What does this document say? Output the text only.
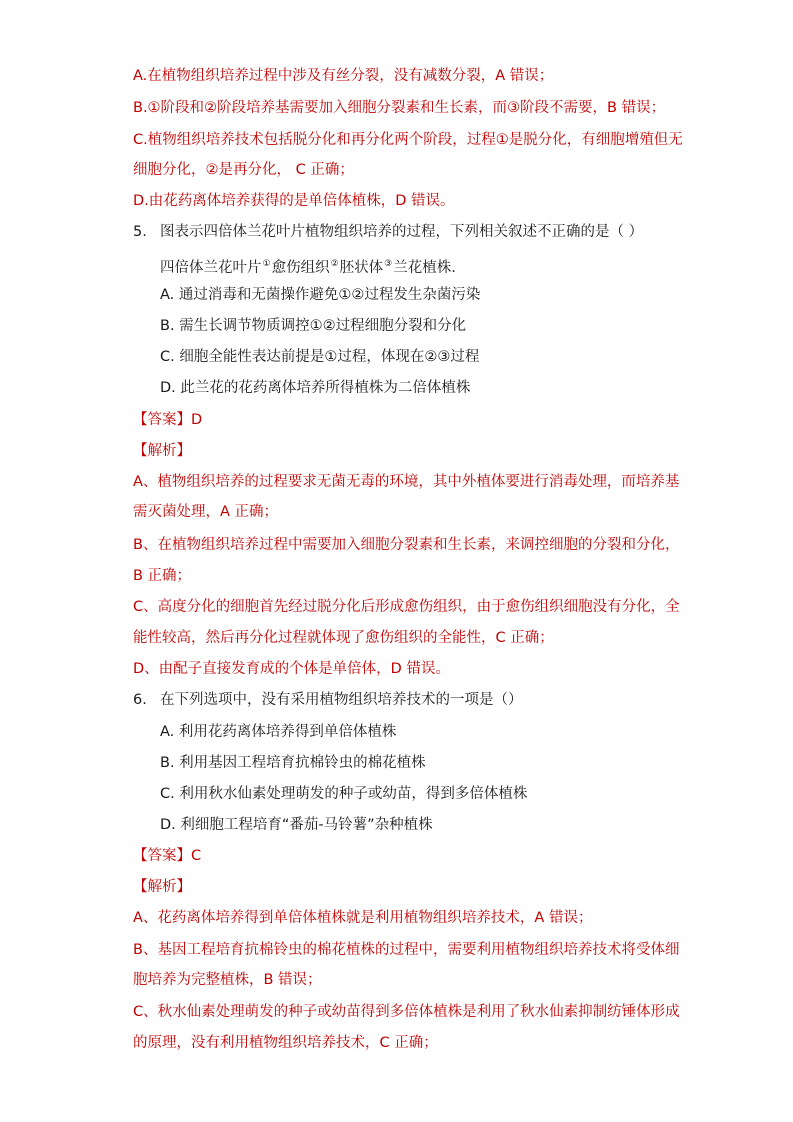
A.在植物组织培养过程中涉及有丝分裂，没有减数分裂，A 错误；
B.①阶段和②阶段培养基需要加入细胞分裂素和生长素，而③阶段不需要，B 错误；
C.植物组织培养技术包括脱分化和再分化两个阶段，过程①是脱分化，有细胞增殖但无
细胞分化，②是再分化， C 正确；
D.由花药离体培养获得的是单倍体植株，D 错误。
5. 图表示四倍体兰花叶片植物组织培养的过程，下列相关叙述不正确的是（ ）
四倍体兰花叶片①愈伤组织②胚状体③兰花植株.
A. 通过消毒和无菌操作避免①②过程发生杂菌污染
B. 需生长调节物质调控①②过程细胞分裂和分化
C. 细胞全能性表达前提是①过程，体现在②③过程
D. 此兰花的花药离体培养所得植株为二倍体植株
【答案】D
【解析】
A、植物组织培养的过程要求无菌无毒的环境，其中外植体要进行消毒处理，而培养基
需灭菌处理，A 正确；
B、在植物组织培养过程中需要加入细胞分裂素和生长素，来调控细胞的分裂和分化，
B 正确；
C、高度分化的细胞首先经过脱分化后形成愈伤组织，由于愈伤组织细胞没有分化，全
能性较高，然后再分化过程就体现了愈伤组织的全能性，C 正确；
D、由配子直接发育成的个体是单倍体，D 错误。
6. 在下列选项中，没有采用植物组织培养技术的一项是（）
A. 利用花药离体培养得到单倍体植株
B. 利用基因工程培育抗棉铃虫的棉花植株
C. 利用秋水仙素处理萌发的种子或幼苗，得到多倍体植株
D. 利细胞工程培育“番茄-马铃薯”杂种植株
【答案】C
【解析】
A、花药离体培养得到单倍体植株就是利用植物组织培养技术，A 错误；
B、基因工程培育抗棉铃虫的棉花植株的过程中，需要利用植物组织培养技术将受体细
胞培养为完整植株，B 错误；
C、秋水仙素处理萌发的种子或幼苗得到多倍体植株是利用了秋水仙素抑制纺锤体形成
的原理，没有利用植物组织培养技术，C 正确；
